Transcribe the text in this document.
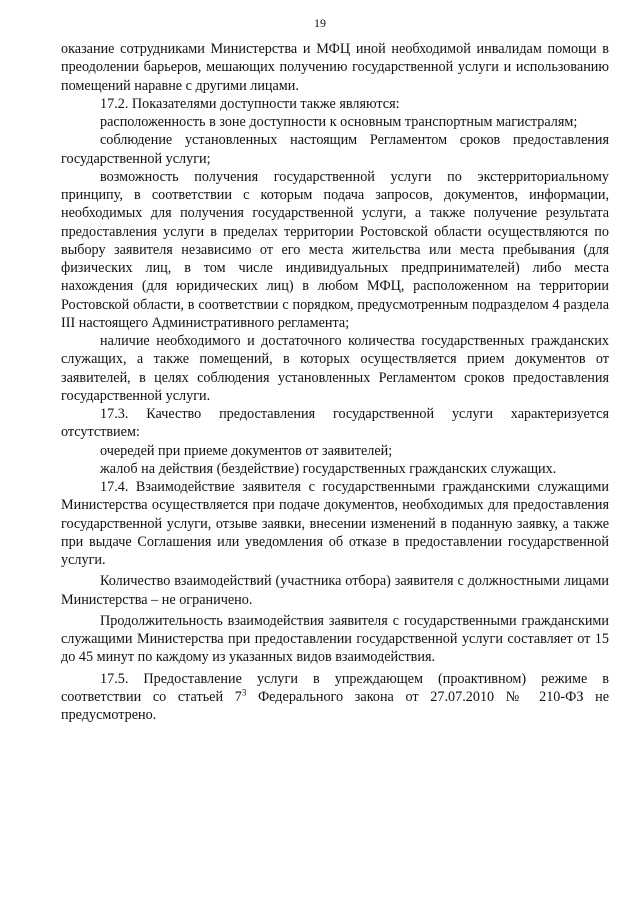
19

оказание сотрудниками Министерства и МФЦ иной необходимой инвалидам помощи в преодолении барьеров, мешающих получению государственной услуги и использованию помещений наравне с другими лицами.

17.2. Показателями доступности также являются:

расположенность в зоне доступности к основным транспортным магистралям;

соблюдение установленных настоящим Регламентом сроков предоставления государственной услуги;

возможность получения государственной услуги по экстерриториальному принципу, в соответствии с которым подача запросов, документов, информации, необходимых для получения государственной услуги, а также получение результата предоставления услуги в пределах территории Ростовской области осуществляются по выбору заявителя независимо от его места жительства или места пребывания (для физических лиц, в том числе индивидуальных предпринимателей) либо места нахождения (для юридических лиц) в любом МФЦ, расположенном на территории Ростовской области, в соответствии с порядком, предусмотренным подразделом 4 раздела III настоящего Административного регламента;

наличие необходимого и достаточного количества государственных гражданских служащих, а также помещений, в которых осуществляется прием документов от заявителей, в целях соблюдения установленных Регламентом сроков предоставления государственной услуги.

17.3. Качество предоставления государственной услуги характеризуется отсутствием:

очередей при приеме документов от заявителей;

жалоб на действия (бездействие) государственных гражданских служащих.

17.4. Взаимодействие заявителя с государственными гражданскими служащими Министерства осуществляется при подаче документов, необходимых для предоставления государственной услуги, отзыве заявки, внесении изменений в поданную заявку, а также при выдаче Соглашения или уведомления об отказе в предоставлении государственной услуги.

Количество взаимодействий (участника отбора) заявителя с должностными лицами Министерства – не ограничено.

Продолжительность взаимодействия заявителя с государственными гражданскими служащими Министерства при предоставлении государственной услуги составляет от 15 до 45 минут по каждому из указанных видов взаимодействия.

17.5. Предоставление услуги в упреждающем (проактивном) режиме в соответствии со статьей $7^3$ Федерального закона от 27.07.2010 № 210-ФЗ не предусмотрено.
